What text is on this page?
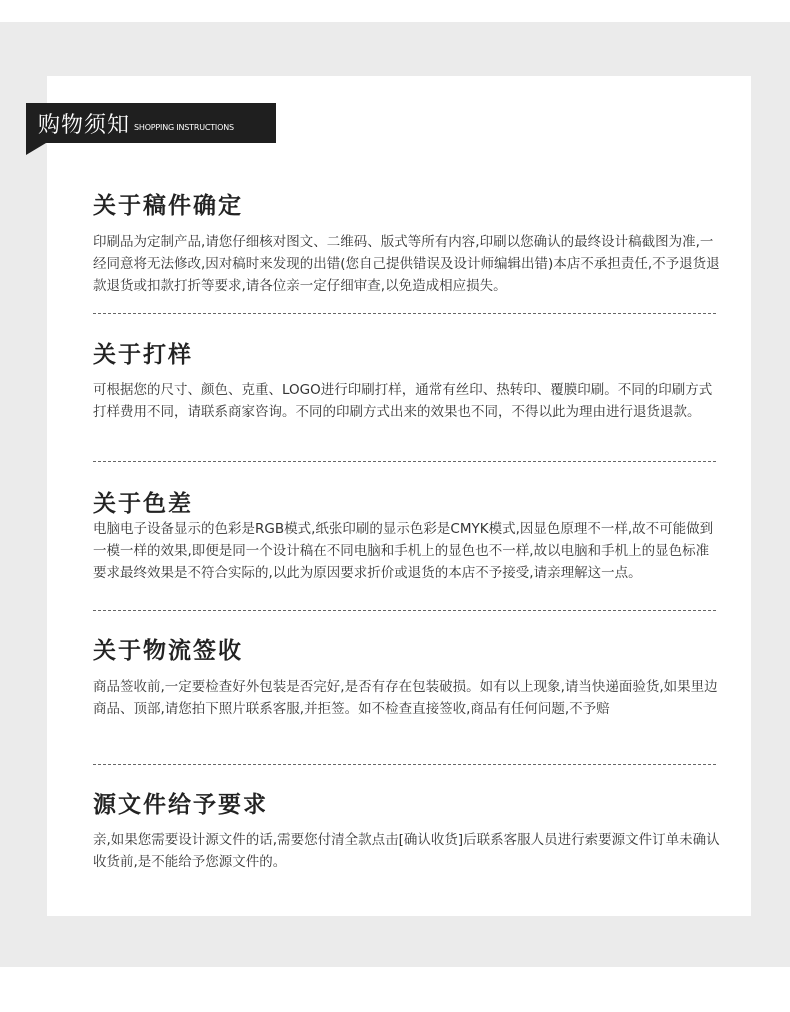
购物须知 SHOPPING INSTRUCTIONS
关于稿件确定

印刷品为定制产品,请您仔细核对图文、二维码、版式等所有内容,印刷以您确认的最终设计稿截图为准,一经同意将无法修改,因对稿时来发现的出错(您自己提供错误及设计师编辑出错)本店不承担责任,不予退货退款退货或扣款打折等要求,请各位亲一定仔细审查,以免造成相应损失。

关于打样

可根据您的尺寸、颜色、克重、LOGO进行印刷打样，通常有丝印、热转印、覆膜印刷。不同的印刷方式打样费用不同，请联系商家咨询。不同的印刷方式出来的效果也不同，不得以此为理由进行退货退款。

关于色差

电脑电子设备显示的色彩是RGB模式,纸张印刷的显示色彩是CMYK模式,因显色原理不一样,故不可能做到一模一样的效果,即便是同一个设计稿在不同电脑和手机上的显色也不一样,故以电脑和手机上的显色标准要求最终效果是不符合实际的,以此为原因要求折价或退货的本店不予接受,请亲理解这一点。

关于物流签收

商品签收前,一定要检查好外包装是否完好,是否有存在包装破损。如有以上现象,请当快递面验货,如果里边商品、顶部,请您拍下照片联系客服,并拒签。如不检查直接签收,商品有任何问题,不予赔

源文件给予要求

亲,如果您需要设计源文件的话,需要您付清全款点击[确认收货]后联系客服人员进行索要源文件订单未确认收货前,是不能给予您源文件的。
